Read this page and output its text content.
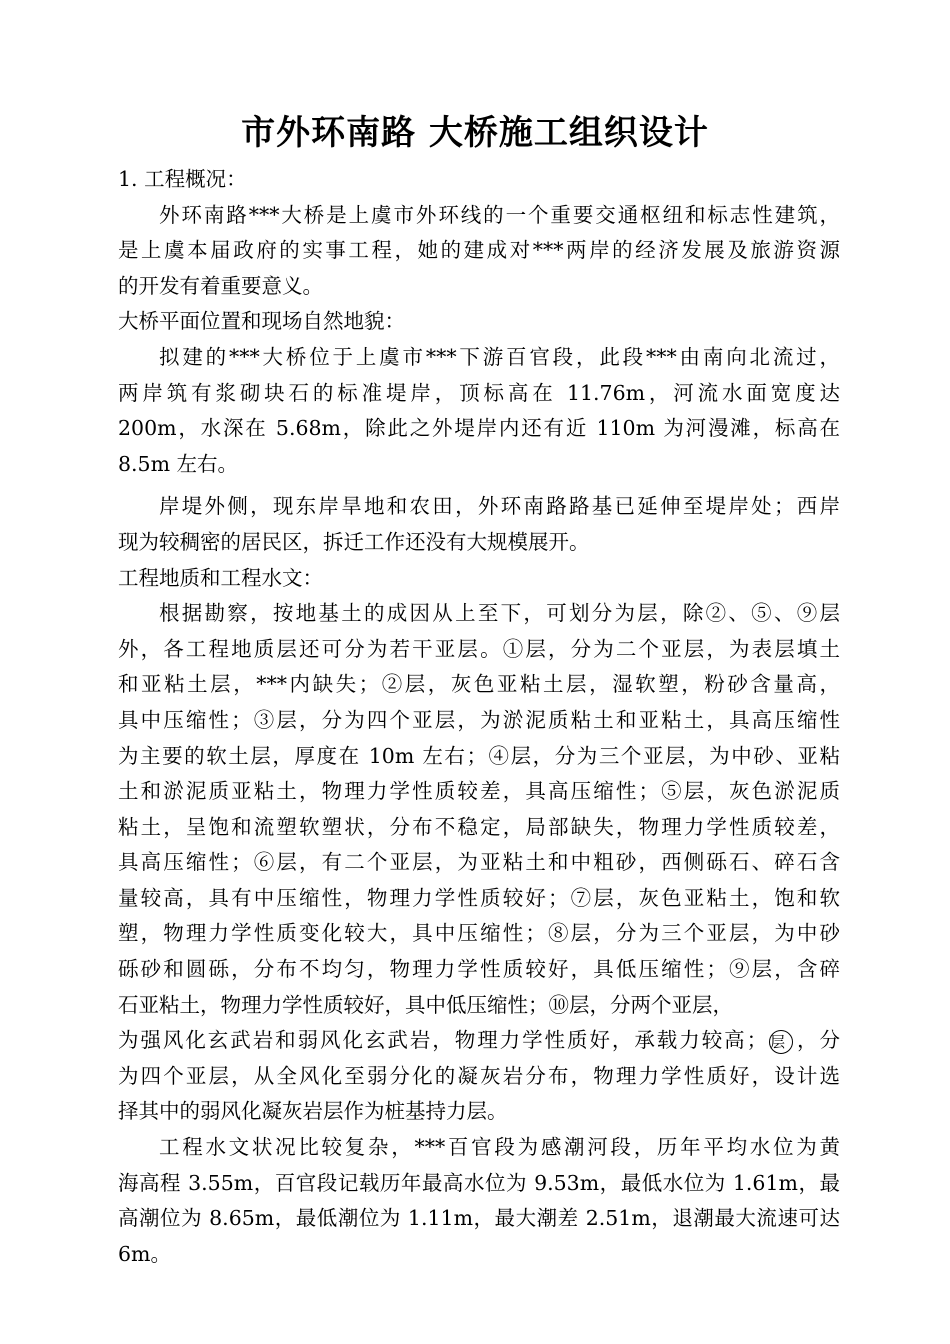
市外环南路 大桥施工组织设计
1. 工程概况：
外环南路***大桥是上虞市外环线的一个重要交通枢纽和标志性建筑，
是上虞本届政府的实事工程，她的建成对***两岸的经济发展及旅游资源
的开发有着重要意义。
大桥平面位置和现场自然地貌：
拟建的***大桥位于上虞市***下游百官段，此段***由南向北流过，
两岸筑有浆砌块石的标准堤岸，顶标高在 11.76m，河流水面宽度达
200m，水深在 5.68m，除此之外堤岸内还有近 110m 为河漫滩，标高在
8.5m 左右。
岸堤外侧，现东岸旱地和农田，外环南路路基已延伸至堤岸处；西岸
现为较稠密的居民区，拆迁工作还没有大规模展开。
工程地质和工程水文：
根据勘察，按地基土的成因从上至下，可划分为层，除②、⑤、⑨层
外，各工程地质层还可分为若干亚层。①层，分为二个亚层，为表层填土
和亚粘土层，***内缺失；②层，灰色亚粘土层，湿软塑，粉砂含量高，
具中压缩性；③层，分为四个亚层，为淤泥质粘土和亚粘土，具高压缩性
为主要的软土层，厚度在 10m 左右；④层，分为三个亚层，为中砂、亚粘
土和淤泥质亚粘土，物理力学性质较差，具高压缩性；⑤层，灰色淤泥质
粘土，呈饱和流塑软塑状，分布不稳定，局部缺失，物理力学性质较差，
具高压缩性；⑥层，有二个亚层，为亚粘土和中粗砂，西侧砾石、碎石含
量较高，具有中压缩性，物理力学性质较好；⑦层，灰色亚粘土，饱和软
塑，物理力学性质变化较大，具中压缩性；⑧层，分为三个亚层，为中砂
砾砂和圆砾，分布不均匀，物理力学性质较好，具低压缩性；⑨层，含碎
石亚粘土，物理力学性质较好，具中低压缩性；⑩层，分两个亚层，
为强风化玄武岩和弱风化玄武岩，物理力学性质好，承载力较高； 层 ，分
为四个亚层，从全风化至弱分化的凝灰岩分布，物理力学性质好，设计选
择其中的弱风化凝灰岩层作为桩基持力层。
工程水文状况比较复杂，***百官段为感潮河段，历年平均水位为黄
海高程 3.55m，百官段记载历年最高水位为 9.53m，最低水位为 1.61m，最
高潮位为 8.65m，最低潮位为 1.11m，最大潮差 2.51m，退潮最大流速可达
6m。
